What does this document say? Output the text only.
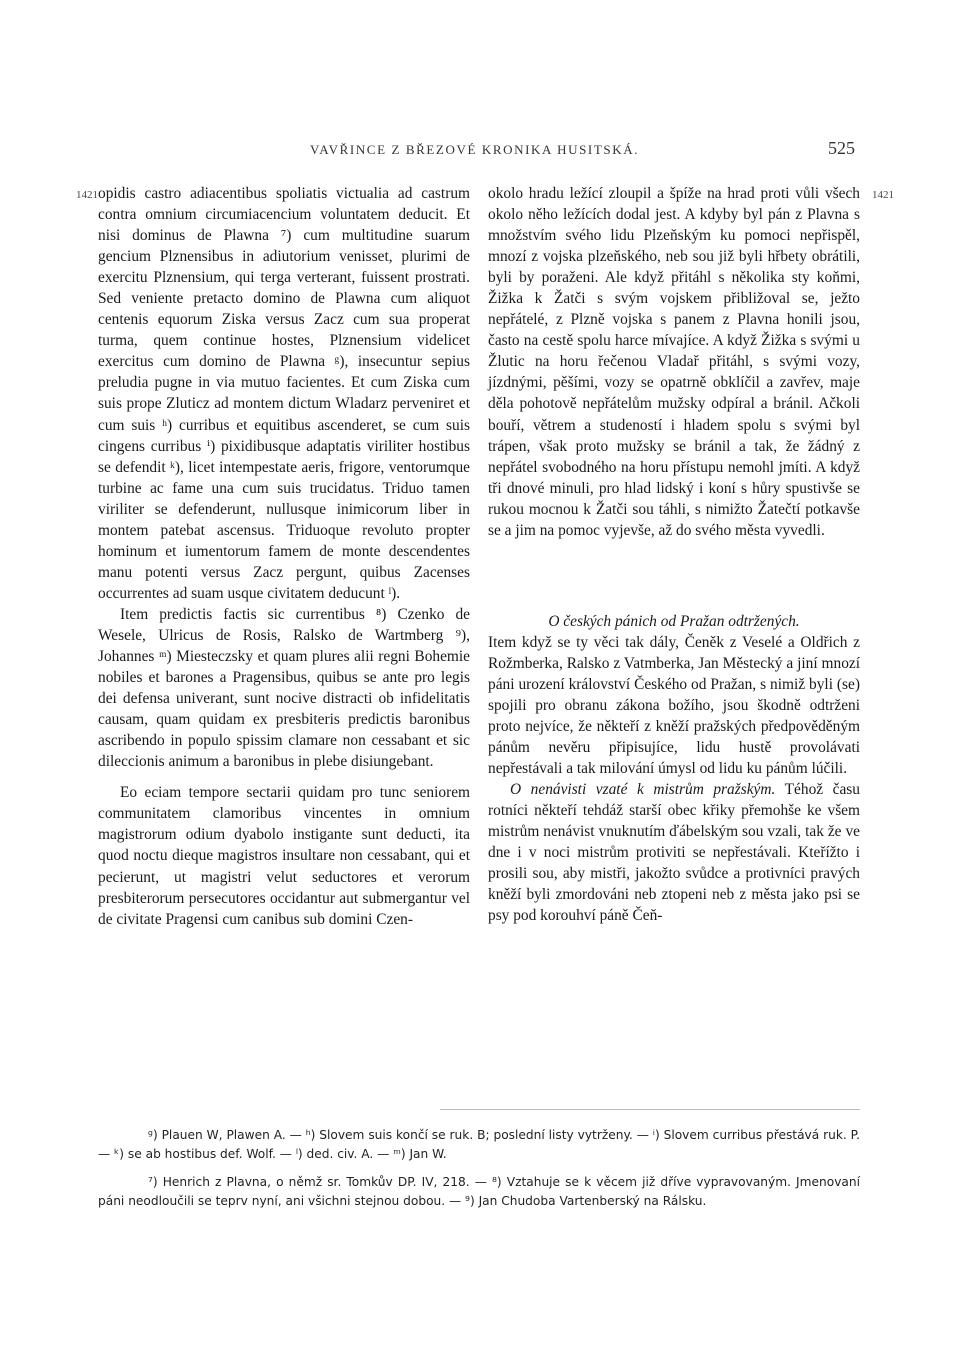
VAVŘINCE Z BŘEZOVÉ KRONIKA HUSITSKÁ.	525
1421	1421

opidis castro adiacentibus spoliatis victualia ad castrum contra omnium circumiacencium voluntatem deducit. Et nisi dominus de Plawna ⁷) cum multitudine suarum gencium Plznensibus in adiutorium venisset, plurimi de exercitu Plznensium, qui terga verterant, fuissent prostrati. Sed veniente pretacto domino de Plawna cum aliquot centenis equorum Ziska versus Zacz cum sua properat turma, quem continue hostes, Plznensium videlicet exercitus cum domino de Plawna ᵍ), insecuntur sepius preludia pugne in via mutuo facientes. Et cum Ziska cum suis prope Zluticz ad montem dictum Wladarz perveniret et cum suis ʰ) curribus et equitibus ascenderet, se cum suis cingens curribus ⁱ) pixidibusque adaptatis viriliter hostibus se defendit ᵏ), licet intempestate aeris, frigore, ventorumque turbine ac fame una cum suis trucidatus. Triduo tamen viriliter se defenderunt, nullusque inimicorum liber in montem patebat ascensus. Triduoque revoluto propter hominum et iumentorum famem de monte descendentes manu potenti versus Zacz pergunt, quibus Zacenses occurrentes ad suam usque civitatem deducunt ˡ).

Item predictis factis sic currentibus ⁸) Czenko de Wesele, Ulricus de Rosis, Ralsko de Wartmberg ⁹), Johannes ᵐ) Miesteczsky et quam plures alii regni Bohemie nobiles et barones a Pragensibus, quibus se ante pro legis dei defensa univerant, sunt nocive distracti ob infidelitatis causam, quam quidam ex presbiteris predictis baronibus ascribendo in populo spissim clamare non cessabant et sic dileccionis animum a baronibus in plebe disiungebant.

Eo eciam tempore sectarii quidam pro tunc seniorem communitatem clamoribus vincentes in omnium magistrorum odium dyabolo instigante sunt deducti, ita quod noctu dieque magistros insultare non cessabant, qui et pecierunt, ut magistri velut seductores et verorum presbiterorum persecutores occidantur aut submergantur vel de civitate Pragensi cum canibus sub domini Czen-

okolo hradu ležící zloupil a špíže na hrad proti vůli všech okolo něho ležících dodal jest. A kdyby byl pán z Plavna s množstvím svého lidu Plzeňským ku pomoci nepřispěl, mnozí z vojska plzeňského, neb sou již byli hřbety obrátili, byli by poraženi. Ale když přitáhl s několika sty koňmi, Žižka k Žatči s svým vojskem přibližoval se, ježto nepřátelé, z Plzně vojska s panem z Plavna honili jsou, často na cestě spolu harce mívajíce. A když Žižka s svými u Žlutic na horu řečenou Vladař přitáhl, s svými vozy, jízdnými, pěšími, vozy se opatrně obklíčil a zavřev, maje děla pohotově nepřátelům mužsky odpíral a bránil. Ačkoli bouří, větrem a studeností i hladem spolu s svými byl trápen, však proto mužsky se bránil a tak, že žádný z nepřátel svobodného na horu přístupu nemohl jmíti. A když tři dnové minuli, pro hlad lidský i koní s hůry spustivše se rukou mocnou k Žatči sou táhli, s nimižto Žatečtí potkavše se a jim na pomoc vyjevše, až do svého města vyvedli.

O českých pánich od Pražan odtržených.

Item když se ty věci tak dály, Čeněk z Veselé a Oldřich z Rožmberka, Ralsko z Vatmberka, Jan Městecký a jiní mnozí páni urození království Českého od Pražan, s nimiž byli (se) spojili pro obranu zákona božího, jsou škodně odtrženi proto nejvíce, že někteří z kněží pražských předpověděným pánům nevěru připisujíce, lidu hustě provolávati nepřestávali a tak milování úmysl od lidu ku pánům lúčili.

O nenávisti vzaté k mistrům pražským. Téhož času rotníci někteří tehdáž starší obec křiky přemohše ke všem mistrům nenávist vnuknutím ďábelským sou vzali, tak že ve dne i v noci mistrům protiviti se nepřestávali. Kteřížto i prosili sou, aby mistři, jakožto svůdce a protivníci pravých kněží byli zmordováni neb ztopeni neb z města jako psi se psy pod korouhví páně Čeň-

ᵍ) Plauen W, Plawen A. — ʰ) Slovem suis končí se ruk. B; poslední listy vytrženy. — ⁱ) Slovem curribus přestává ruk. P. — ᵏ) se ab hostibus def. Wolf. — ˡ) ded. civ. A. — ᵐ) Jan W.

⁷) Henrich z Plavna, o němž sr. Tomkův DP. IV, 218. — ⁸) Vztahuje se k věcem již dříve vypravovaným. Jmenovaní páni neodloučili se teprv nyní, ani všichni stejnou dobou. — ⁹) Jan Chudoba Vartenberský na Rálsku.
